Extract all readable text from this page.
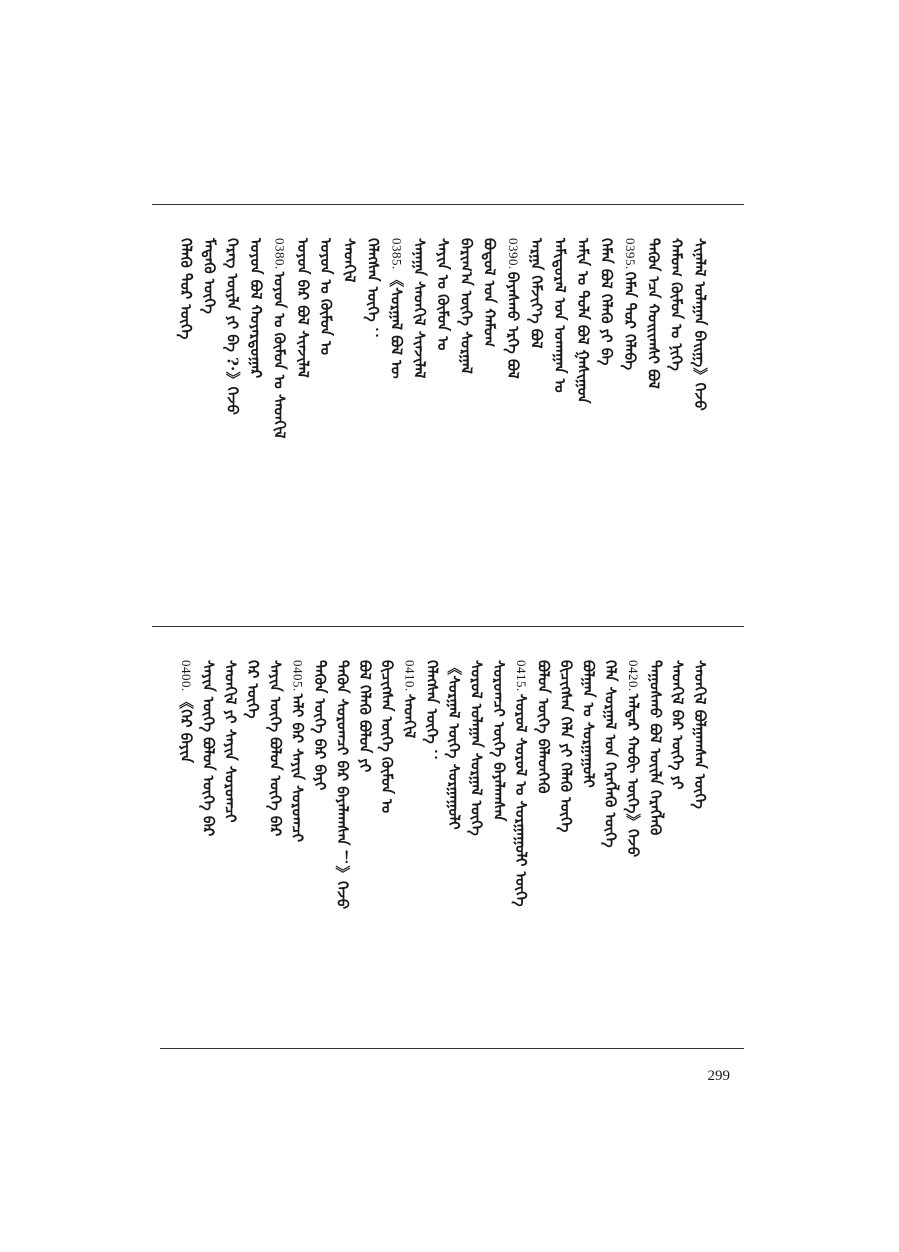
ᠰᠢᠨᠡᠯᠡᠯ ᠤᠯᠠᠭᠠᠨ ᠪᠠᠢᠭᠠ᠋》ᠭᠡᠵᠦ
ᠬᠠᠮᠤᠭ ᠬᠦᠮᠦᠨ ᠤ ᠨᠢᠭᠡ
ᠲᠡᠭᠦᠨ ᠡᠴᠡ ᠬᠣᠢᠢᠭᠰᠢ ᠪᠤᠯ
0395.ᠬᠡᠮᠡᠨ ᠳᠣᠷ ᠬᠡᠯᠡᠪᠡ
ᠬᠡᠮᠡᠨ ᠪᠣᠯ ᠬᠡᠯᠡᠬᠦ ᠶᠢ ᠪᠡ
ᠠᠮᠢᠨ ᠤ ᠲᠤᠯᠠ ᠪᠣᠯ ᠭᠠᠰᠢᠭᠤᠨ
ᠠᠮᠢᠳᠤᠷᠠᠯ ᠤᠨ ᠤᠬᠠᠭᠠᠨ ᠤ
ᠠᠷᠭᠠ ᠬᠡᠮᠵᠢᠶ᠎ᠡ ᠪᠣᠯ
0390.ᠪᠠᠶᠠᠰᠬᠤ ᠡᠷᠬᠡ ᠪᠣᠯ
ᠪᠣᠳᠤᠯ ᠤᠨ ᠬᠠᠮᠤᠭ
ᠪᠠᠷᠢᠭ᠎ᠠ ᠦᠭᠡ ᠰᠤᠷᠭᠠᠯ
ᠰᠠᠶᠢᠨ ᠤ ᠬᠦᠮᠦᠨ ᠤ
ᠰᠠᠨᠠᠭᠠ ᠰᠡᠳᠬᠢᠯ ᠰᠢᠨᠵᠢᠯᠡᠯ
0385.《ᠰᠤᠷᠭᠠᠯ ᠪᠣᠯ ᠦ
ᠬᠡᠯᠡᠭᠰᠡᠨ ᠦᠭᠡ ：
ᠰᠡᠳᠬᠢᠯ
ᠣᠶᠤᠨ ᠤ ᠬᠦᠮᠦᠨ ᠤ
ᠣᠶᠤᠨ ᠪᠠᠷ ᠪᠣᠯ ᠰᠢᠨᠵᠢᠯᠡᠯ
0380.ᠣᠶᠤᠨ ᠤ ᠬᠦᠮᠦᠨ ᠤ ᠰᠡᠳᠬᠢᠯ
ᠣᠶᠤᠨ ᠪᠣᠯ ᠬᠣᠶᠠᠷᠳᠤᠭᠠᠷ
ᠬᠡᠷᠡᠭ ᠦᠶᠯᠡ ᠶᠢ ᠪᠠ ?·》ᠭᠡᠵᠦ
ᠮᠡᠳᠡᠬᠦ ᠦᠭᠡ
ᠬᠡᠯᠡᠬᠦ ᠳᠣᠷ ᠦᠭᠡ
ᠰᠡᠳᠬᠢᠯ ᠪᠣᠯᠭᠠᠭᠰᠠᠨ ᠦᠭᠡ
ᠰᠡᠳᠬᠢᠯ ᠪᠡᠷ ᠦᠭᠡ ᠶᠢ
ᠳᠠᠭᠤᠰᠬᠤ ᠪᠣᠯ ᠦᠢᠯᠡ ᠬᠡᠷᠡᠭᠯᠡᠬᠦ
0420.ᠠᠯᠳᠠᠷ ᠬᠤᠪᠢ ᠦᠭᠡ》ᠭᠡᠵᠦ
ᠬᠡᠯᠡ ᠰᠤᠷᠭᠠᠯ ᠤᠨ ᠬᠡᠷᠡᠭᠯᠡᠬᠦ ᠦᠭᠡ
ᠪᠣᠯᠭᠠᠨ ᠤ ᠰᠤᠷᠭᠠᠭᠤᠯᠢ
ᠪᠢᠴᠢᠭᠰᠡᠨ ᠬᠡᠯᠡ ᠶᠢ ᠬᠡᠯᠡᠬᠦ ᠦᠭᠡ
ᠪᠣᠯᠤᠨ ᠦᠭᠡ ᠪᠡᠯᠡᠳᠬᠡᠬᠦ
0415.ᠰᠤᠷᠤᠯ ᠰᠤᠷᠤᠯ ᠤ ᠰᠤᠷᠭᠠᠭᠤᠯᠢ ᠦᠭᠡ
ᠰᠤᠷᠤᠭᠴᠢ ᠦᠭᠡ ᠪᠠᠶᠠᠯᠠᠭᠰᠠᠨ
ᠰᠤᠷᠤᠯ ᠤᠯᠠᠭᠠᠨ ᠰᠤᠷᠭᠠᠯ ᠦᠭᠡ
《ᠰᠤᠷᠭᠠᠯ ᠦᠭᠡ ᠰᠤᠷᠭᠠᠭᠤᠯᠢ
ᠬᠡᠯᠡᠭᠰᠡᠨ ᠦᠭᠡ ：
0410.ᠰᠡᠳᠬᠢᠯ
ᠪᠢᠴᠢᠭᠰᠡᠨ ᠦᠭᠡ ᠬᠦᠮᠦᠨ ᠤ
ᠪᠣᠯ ᠬᠡᠯᠡᠬᠦ ᠪᠣᠯᠤᠨ ᠶᠢ
ᠲᠡᠭᠦᠨ ᠰᠤᠷᠤᠭᠴᠢ ᠪᠠᠷ ᠪᠠᠶᠠᠯᠠᠭᠰᠠᠨ ！》ᠭᠡᠵᠦ
ᠲᠡᠭᠦᠨ ᠦᠭᠡ ᠪᠡᠷ ᠪᠠᠶᠢ
0405.ᠠᠯᠢ ᠪᠠᠷ ᠰᠠᠶᠢᠨ ᠰᠤᠷᠤᠭᠴᠢ
ᠰᠠᠶᠢᠨ ᠦᠭᠡ ᠪᠣᠯᠤᠨ ᠦᠭᠡ ᠪᠡᠷ
ᠬᠡᠷ ᠦᠭᠡ
ᠰᠡᠳᠬᠢᠯ ᠶᠢ ᠰᠠᠶᠢᠨ ᠰᠤᠷᠤᠭᠴᠢ
ᠰᠠᠶᠢᠨ ᠦᠭᠡ ᠪᠣᠯᠤᠨ ᠦᠭᠡ ᠪᠡᠷ
0400.《ᠬᠡᠷ ᠪᠠᠶᠢᠨ
299
